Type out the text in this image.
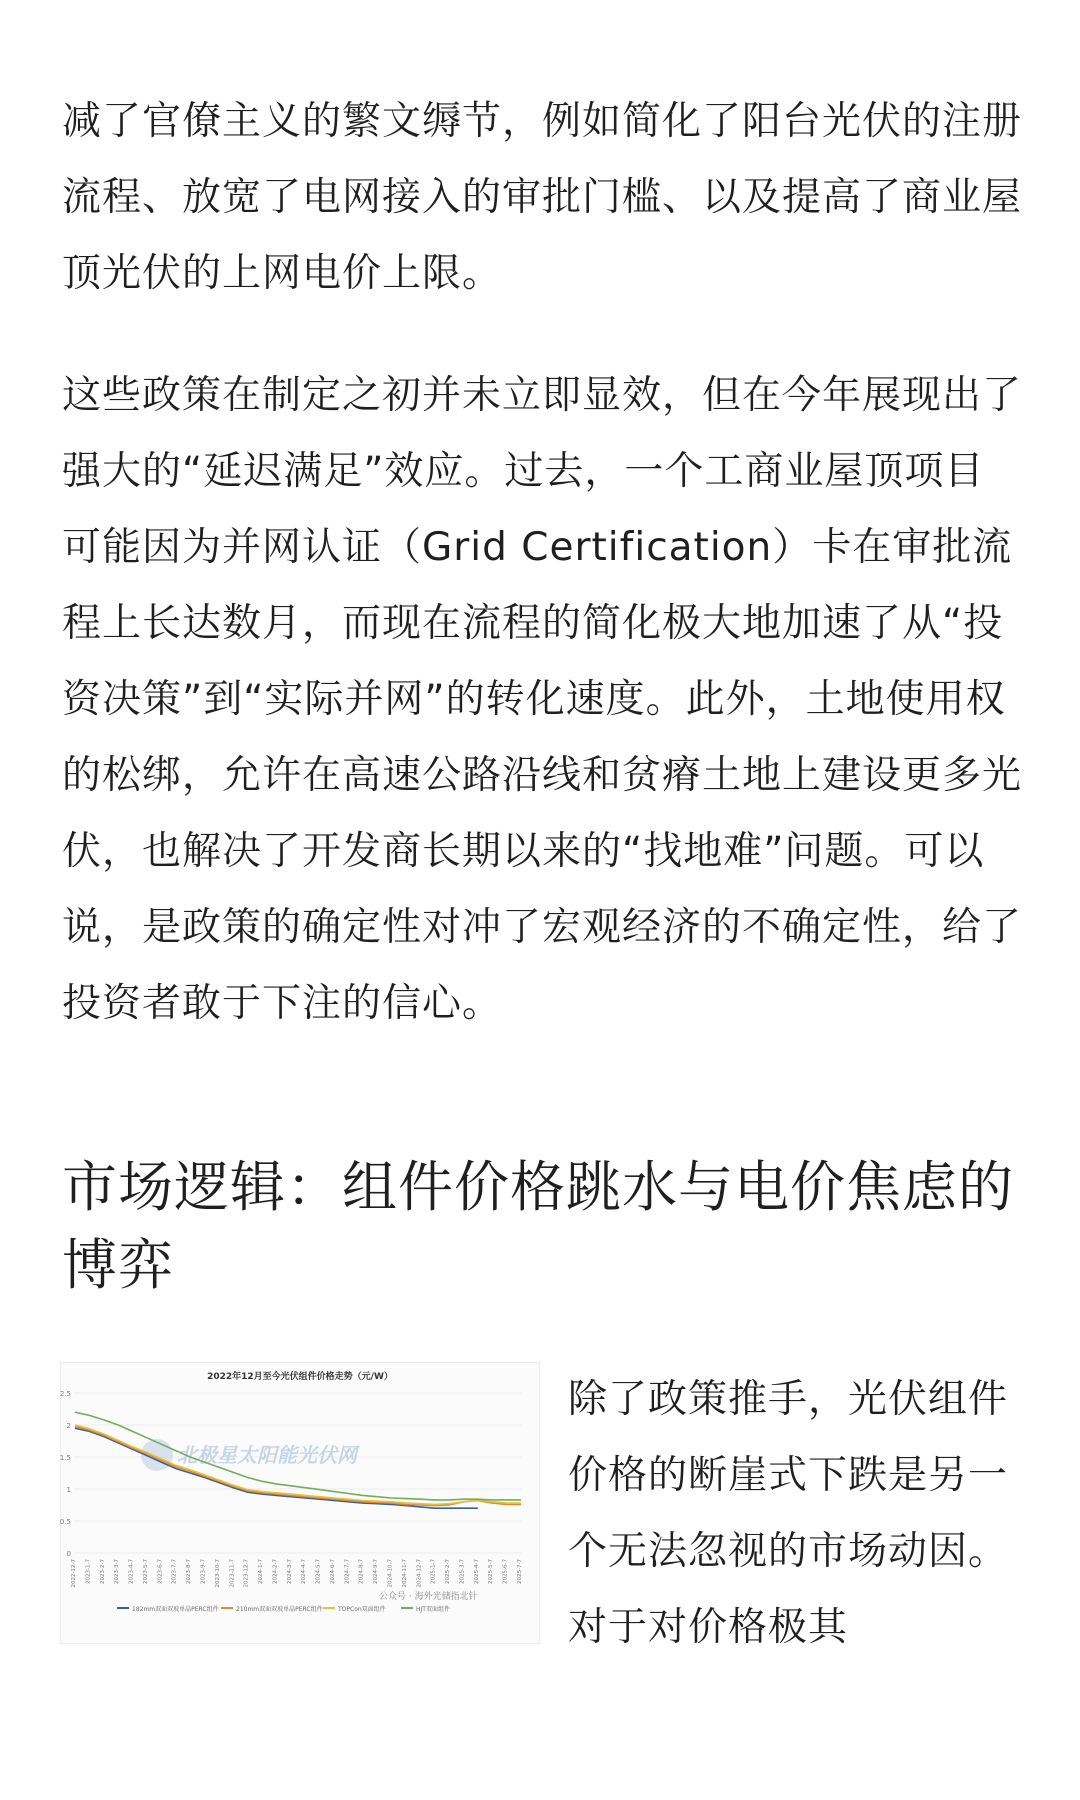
减了官僚主义的繁文缛节，例如简化了阳台光伏的注册流程、放宽了电网接入的审批门槛、以及提高了商业屋顶光伏的上网电价上限。

这些政策在制定之初并未立即显效，但在今年展现出了强大的“延迟满足”效应。过去，一个工商业屋顶项目可能因为并网认证（Grid Certification）卡在审批流程上长达数月，而现在流程的简化极大地加速了从“投资决策”到“实际并网”的转化速度。此外，土地使用权的松绑，允许在高速公路沿线和贫瘠土地上建设更多光伏，也解决了开发商长期以来的“找地难”问题。可以说，是政策的确定性对冲了宏观经济的不确定性，给了投资者敢于下注的信心。

市场逻辑：组件价格跳水与电价焦虑的博弈
2022年12月至今光伏组件价格走势（元/W）
0
0.5
1
1.5
2
2.5
2022-12-7 2023-1-7 2023-2-7 2023-3-7 2023-4-7 2023-5-7 2023-6-7 2023-7-7 2023-8-7 2023-9-7 2023-10-7 2023-11-7 2023-12-7 2024-1-7 2024-2-7 2024-3-7 2024-4-7 2024-5-7 2024-6-7 2024-7-7 2024-8-7 2024-9-7 2024-10-7 2024-11-7 2024-12-7 2025-1-7 2025-2-7 2025-3-7 2025-4-7 2025-5-7 2025-6-7 2025-7-7
北极星太阳能光伏网
182mm双面双玻单晶PERC组件	210mm双面双玻单晶PERC组件	TOPCon双面组件	HJT双面组件
公众号 · 海外光储指北针

除了政策推手，光伏组件价格的断崖式下跌是另一个无法忽视的市场动因。对于对价格极其
